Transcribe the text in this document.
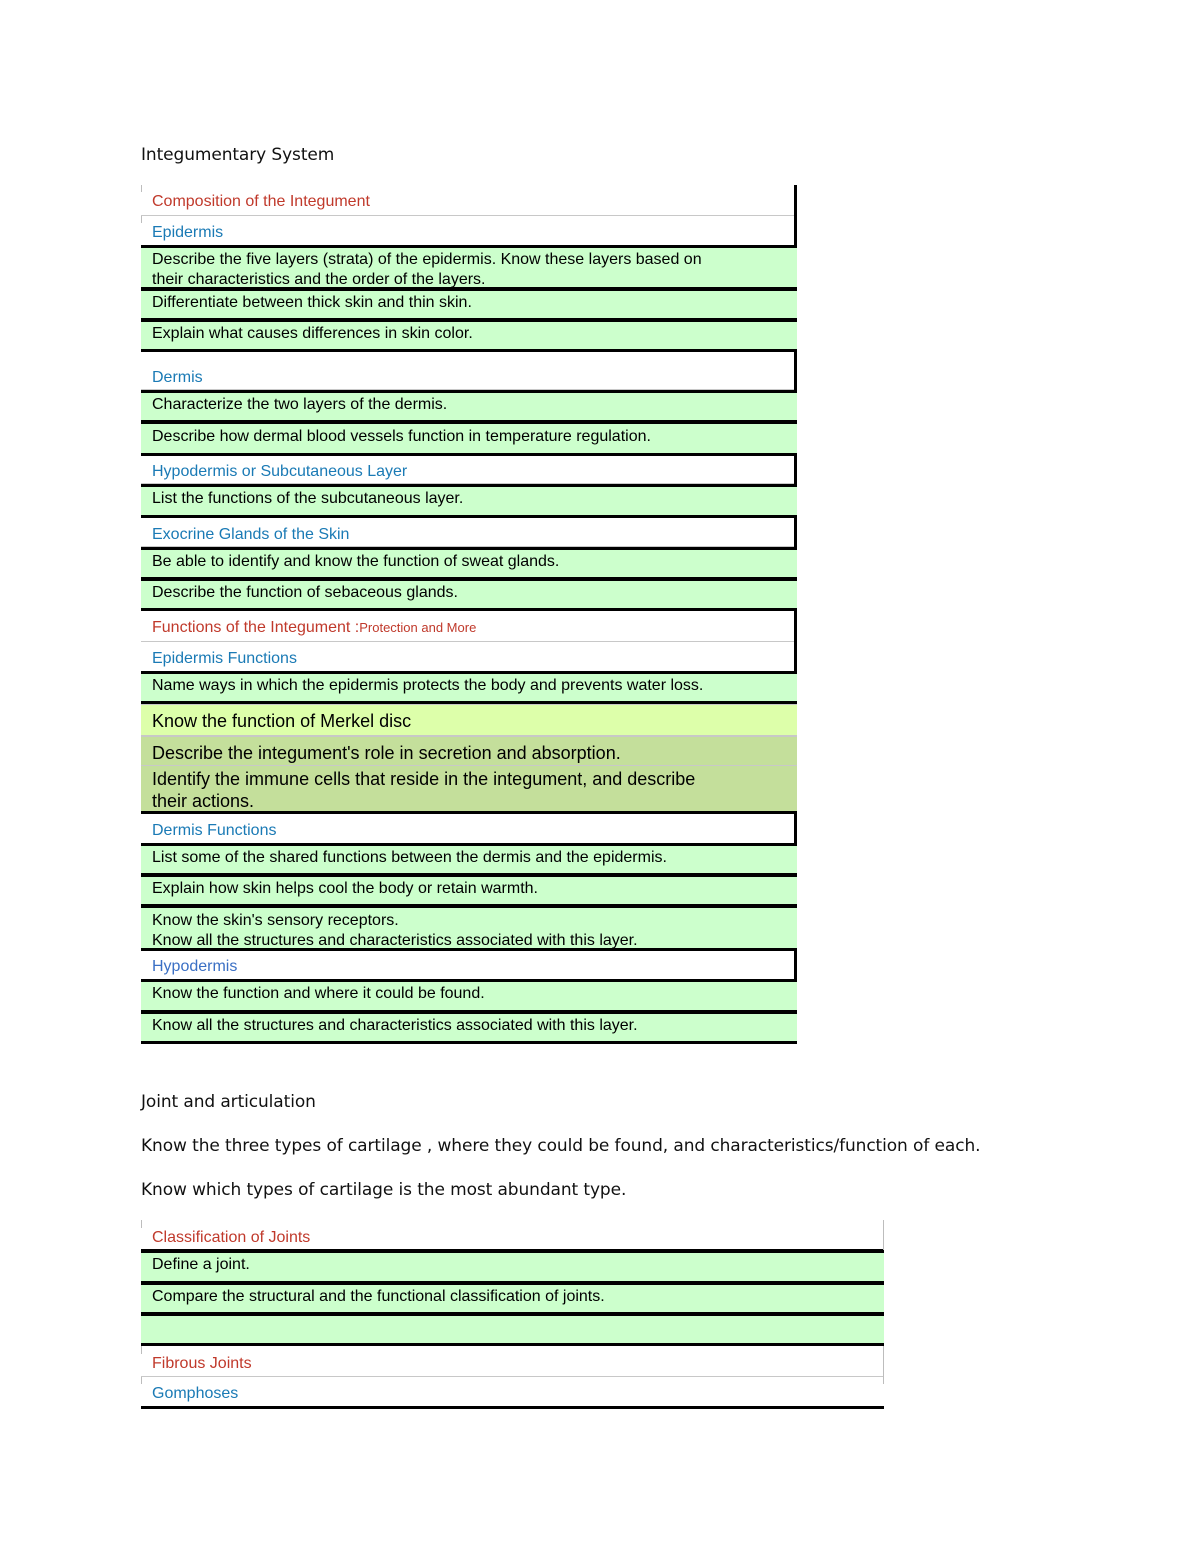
Integumentary System
Composition of the Integument
Epidermis
Describe the five layers (strata) of the epidermis. Know these layers based on
their characteristics and the order of the layers.
Differentiate between thick skin and thin skin.
Explain what causes differences in skin color.
Dermis
Characterize the two layers of the dermis.
Describe how dermal blood vessels function in temperature regulation.
Hypodermis or Subcutaneous Layer
List the functions of the subcutaneous layer.
Exocrine Glands of the Skin
Be able to identify and know the function of sweat glands.
Describe the function of sebaceous glands.
Functions of the Integument :Protection and More
Epidermis Functions
Name ways in which the epidermis protects the body and prevents water loss.
Know the function of Merkel disc
Describe the integument's role in secretion and absorption.
Identify the immune cells that reside in the integument, and describe
their actions.
Dermis Functions
List some of the shared functions between the dermis and the epidermis.
Explain how skin helps cool the body or retain warmth.
Know the skin's sensory receptors.
Know all the structures and characteristics associated with this layer.
Hypodermis
Know the function and where it could be found.
Know all the structures and characteristics associated with this layer.
Joint and articulation
Know the three types of cartilage , where they could be found, and characteristics/function of each.
Know which types of cartilage is the most abundant type.
Classification of Joints
Define a joint.
Compare the structural and the functional classification of joints.
Fibrous Joints
Gomphoses
